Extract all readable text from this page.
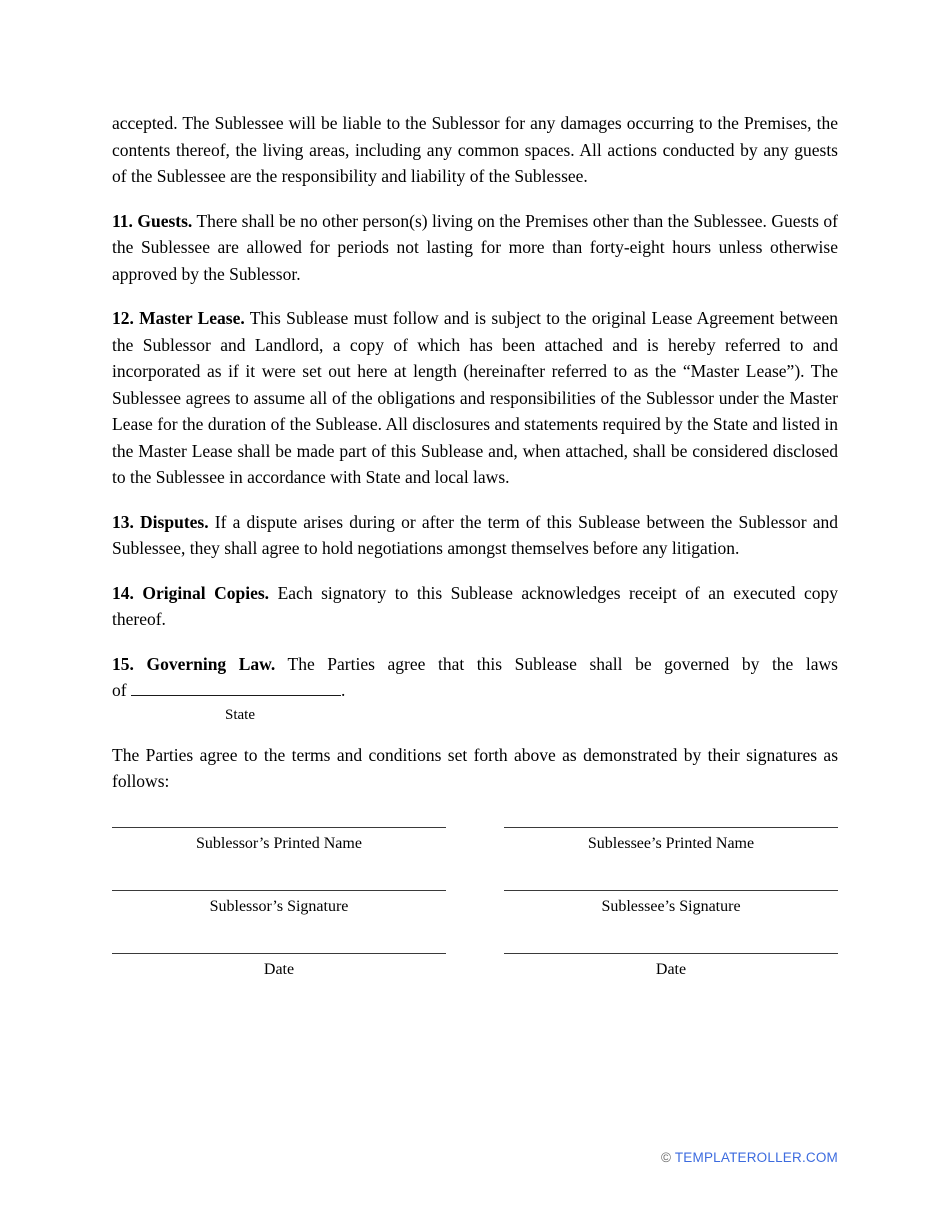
accepted. The Sublessee will be liable to the Sublessor for any damages occurring to the Premises, the contents thereof, the living areas, including any common spaces. All actions conducted by any guests of the Sublessee are the responsibility and liability of the Sublessee.

11. Guests. There shall be no other person(s) living on the Premises other than the Sublessee. Guests of the Sublessee are allowed for periods not lasting for more than forty-eight hours unless otherwise approved by the Sublessor.

12. Master Lease. This Sublease must follow and is subject to the original Lease Agreement between the Sublessor and Landlord, a copy of which has been attached and is hereby referred to and incorporated as if it were set out here at length (hereinafter referred to as the “Master Lease”). The Sublessee agrees to assume all of the obligations and responsibilities of the Sublessor under the Master Lease for the duration of the Sublease. All disclosures and statements required by the State and listed in the Master Lease shall be made part of this Sublease and, when attached, shall be considered disclosed to the Sublessee in accordance with State and local laws.

13. Disputes. If a dispute arises during or after the term of this Sublease between the Sublessor and Sublessee, they shall agree to hold negotiations amongst themselves before any litigation.

14. Original Copies. Each signatory to this Sublease acknowledges receipt of an executed copy thereof.

15. Governing Law. The Parties agree that this Sublease shall be governed by the laws
of	.
State

The Parties agree to the terms and conditions set forth above as demonstrated by their signatures as follows:

Sublessor’s Printed Name	Sublessee’s Printed Name
Sublessor’s Signature	Sublessee’s Signature
Date	Date
© TEMPLATEROLLER.COM
